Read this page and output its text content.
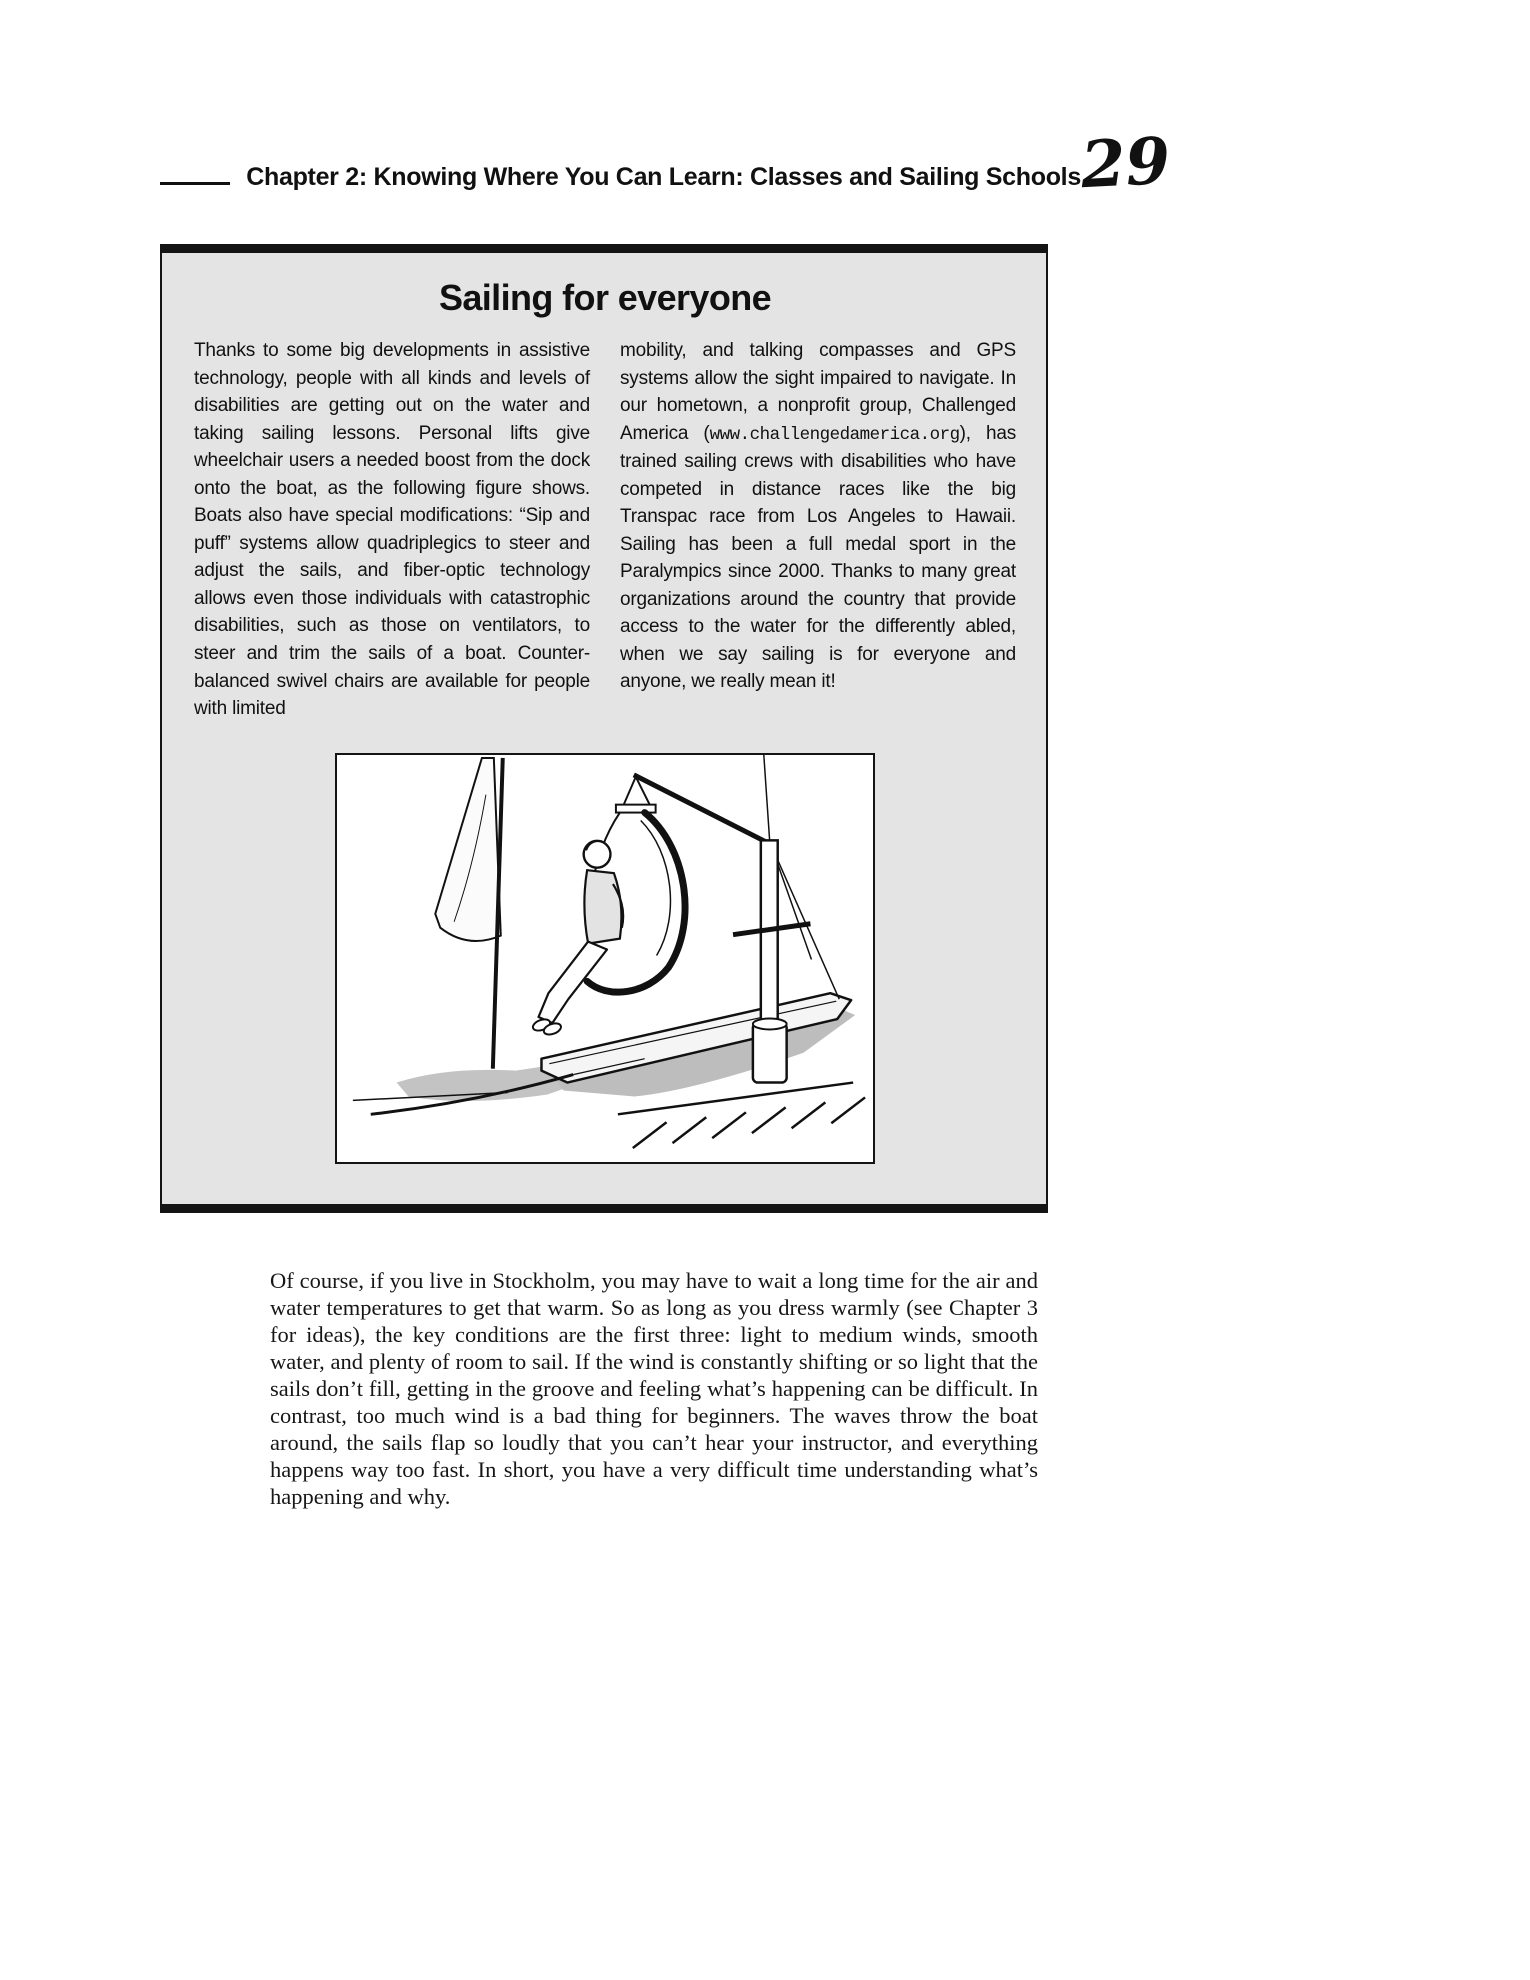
Chapter 2: Knowing Where You Can Learn: Classes and Sailing Schools
29
Sailing for everyone

Thanks to some big developments in assistive technology, people with all kinds and levels of disabilities are getting out on the water and taking sailing lessons. Personal lifts give wheelchair users a needed boost from the dock onto the boat, as the following figure shows. Boats also have special modifications: “Sip and puff” systems allow quadriplegics to steer and adjust the sails, and fiber-optic technology allows even those individuals with catastrophic disabilities, such as those on ventilators, to steer and trim the sails of a boat. Counter-balanced swivel chairs are available for people with limited

mobility, and talking compasses and GPS systems allow the sight impaired to navigate. In our hometown, a nonprofit group, Challenged America (www.challengedamerica.org), has trained sailing crews with disabilities who have competed in distance races like the big Transpac race from Los Angeles to Hawaii. Sailing has been a full medal sport in the Paralympics since 2000. Thanks to many great organizations around the country that provide access to the water for the differently abled, when we say sailing is for everyone and anyone, we really mean it!

Of course, if you live in Stockholm, you may have to wait a long time for the air and water temperatures to get that warm. So as long as you dress warmly (see Chapter 3 for ideas), the key conditions are the first three: light to medium winds, smooth water, and plenty of room to sail. If the wind is constantly shifting or so light that the sails don’t fill, getting in the groove and feeling what’s happening can be difficult. In contrast, too much wind is a bad thing for beginners. The waves throw the boat around, the sails flap so loudly that you can’t hear your instructor, and everything happens way too fast. In short, you have a very difficult time understanding what’s happening and why.
